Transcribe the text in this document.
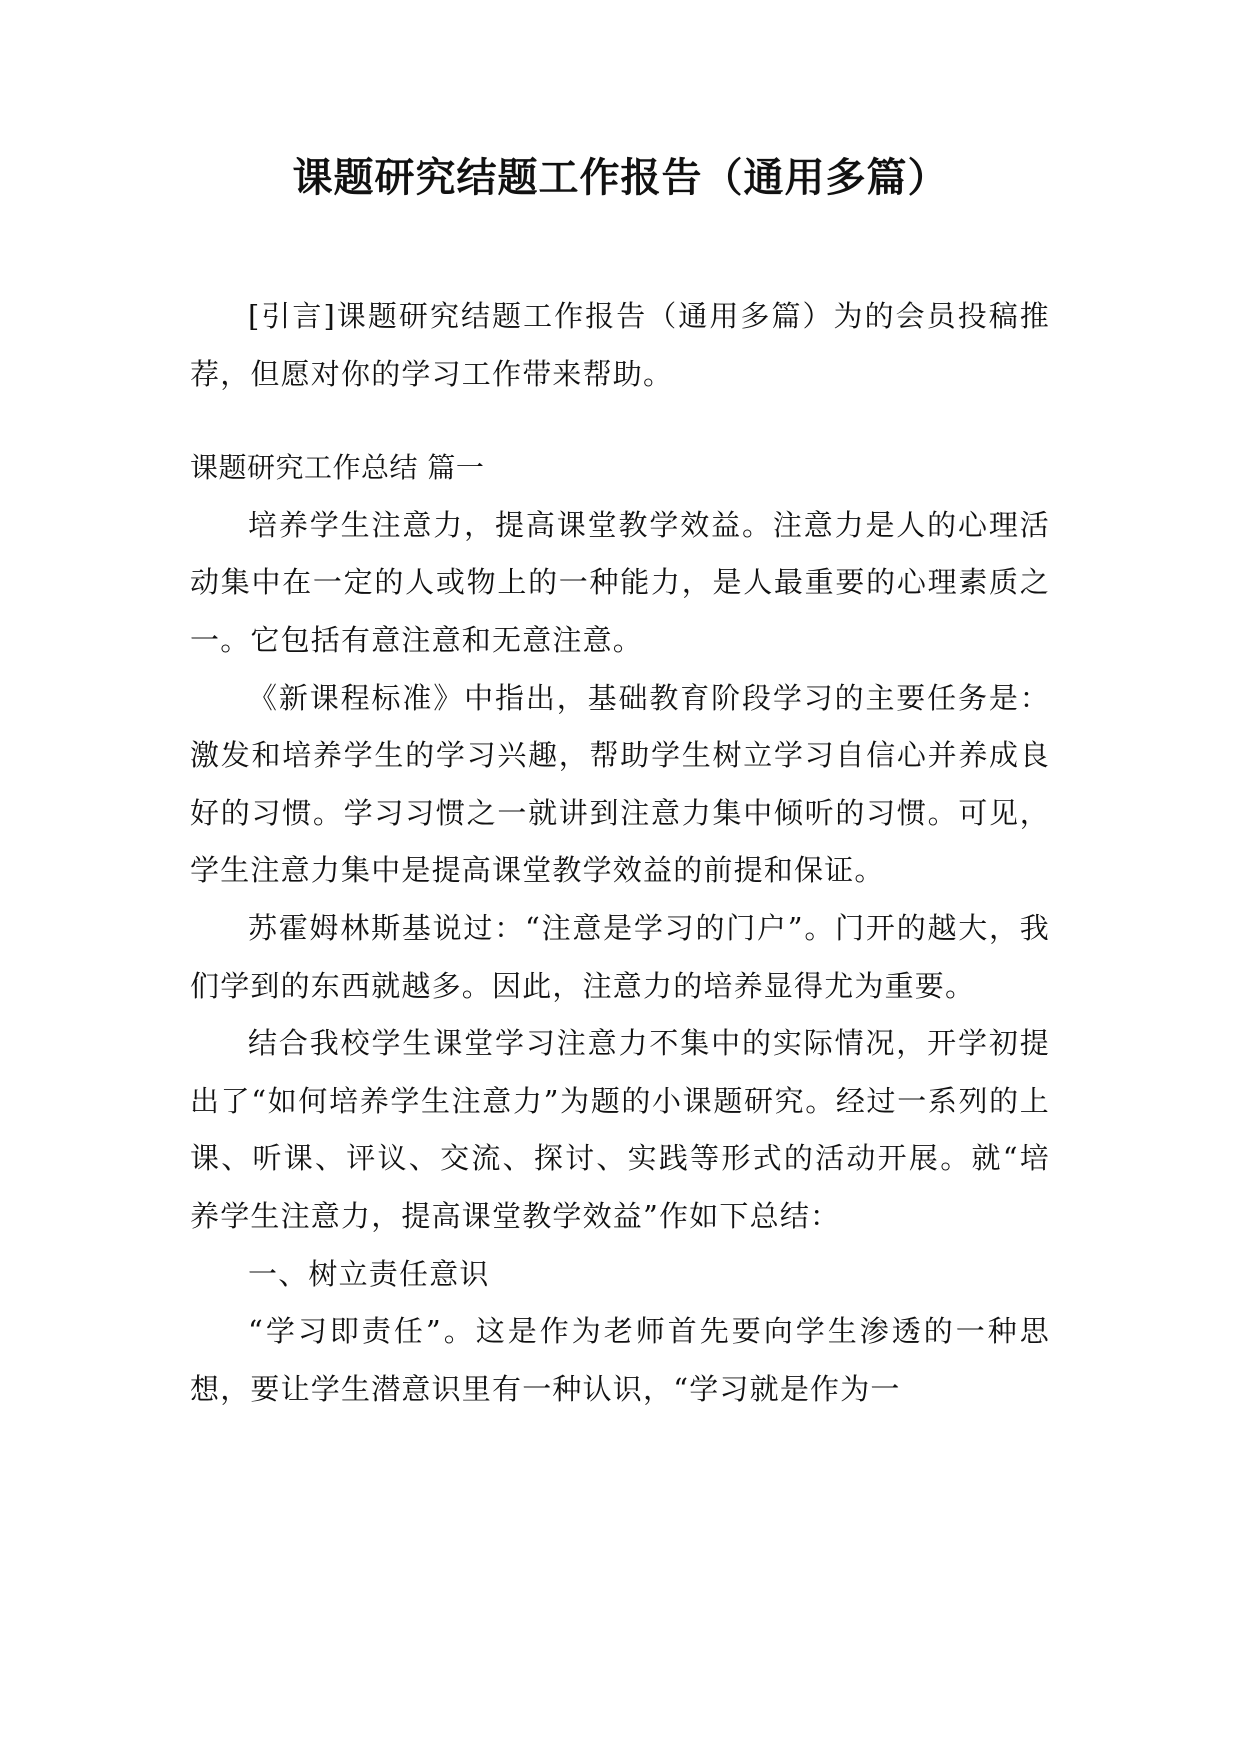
课题研究结题工作报告（通用多篇）

[引言]课题研究结题工作报告（通用多篇）为的会员投稿推荐，但愿对你的学习工作带来帮助。

课题研究工作总结 篇一

培养学生注意力，提高课堂教学效益。注意力是人的心理活动集中在一定的人或物上的一种能力，是人最重要的心理素质之一。它包括有意注意和无意注意。

《新课程标准》中指出，基础教育阶段学习的主要任务是：激发和培养学生的学习兴趣，帮助学生树立学习自信心并养成良好的习惯。学习习惯之一就讲到注意力集中倾听的习惯。可见，学生注意力集中是提高课堂教学效益的前提和保证。

苏霍姆林斯基说过：“注意是学习的门户”。门开的越大，我们学到的东西就越多。因此，注意力的培养显得尤为重要。

结合我校学生课堂学习注意力不集中的实际情况，开学初提出了“如何培养学生注意力”为题的小课题研究。经过一系列的上课、听课、评议、交流、探讨、实践等形式的活动开展。就“培养学生注意力，提高课堂教学效益”作如下总结：

一、树立责任意识

“学习即责任”。这是作为老师首先要向学生渗透的一种思想，要让学生潜意识里有一种认识，“学习就是作为一
